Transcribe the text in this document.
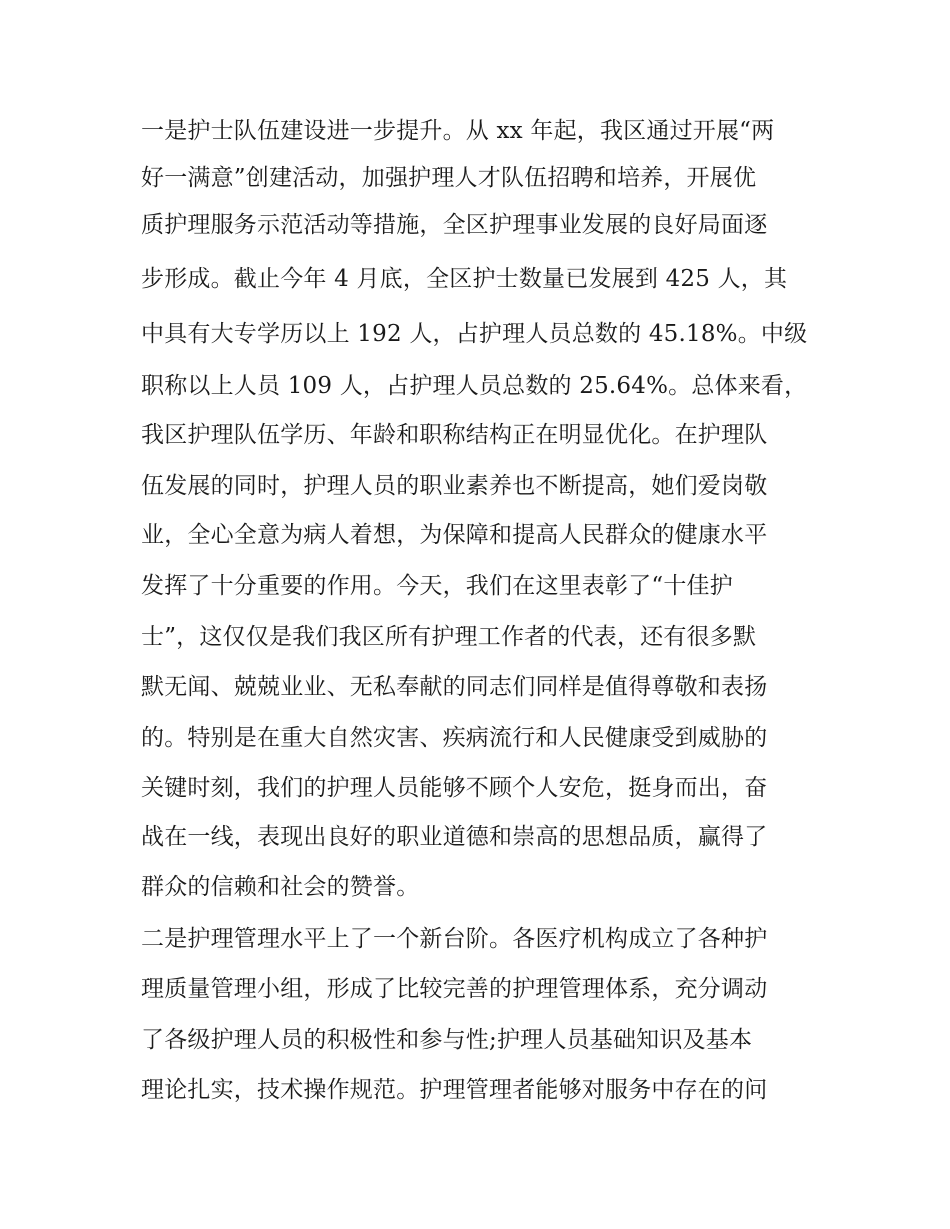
一是护士队伍建设进一步提升。从 xx 年起，我区通过开展“两
好一满意”创建活动，加强护理人才队伍招聘和培养，开展优
质护理服务示范活动等措施，全区护理事业发展的良好局面逐
步形成。截止今年 4 月底，全区护士数量已发展到 425 人，其
中具有大专学历以上 192 人，占护理人员总数的 45.18%。中级
职称以上人员 109 人，占护理人员总数的 25.64%。总体来看，
我区护理队伍学历、年龄和职称结构正在明显优化。在护理队
伍发展的同时，护理人员的职业素养也不断提高，她们爱岗敬
业，全心全意为病人着想，为保障和提高人民群众的健康水平
发挥了十分重要的作用。今天，我们在这里表彰了“十佳护
士”，这仅仅是我们我区所有护理工作者的代表，还有很多默
默无闻、兢兢业业、无私奉献的同志们同样是值得尊敬和表扬
的。特别是在重大自然灾害、疾病流行和人民健康受到威胁的
关键时刻，我们的护理人员能够不顾个人安危，挺身而出，奋
战在一线，表现出良好的职业道德和崇高的思想品质，赢得了
群众的信赖和社会的赞誉。
二是护理管理水平上了一个新台阶。各医疗机构成立了各种护
理质量管理小组，形成了比较完善的护理管理体系，充分调动
了各级护理人员的积极性和参与性;护理人员基础知识及基本
理论扎实，技术操作规范。护理管理者能够对服务中存在的问
